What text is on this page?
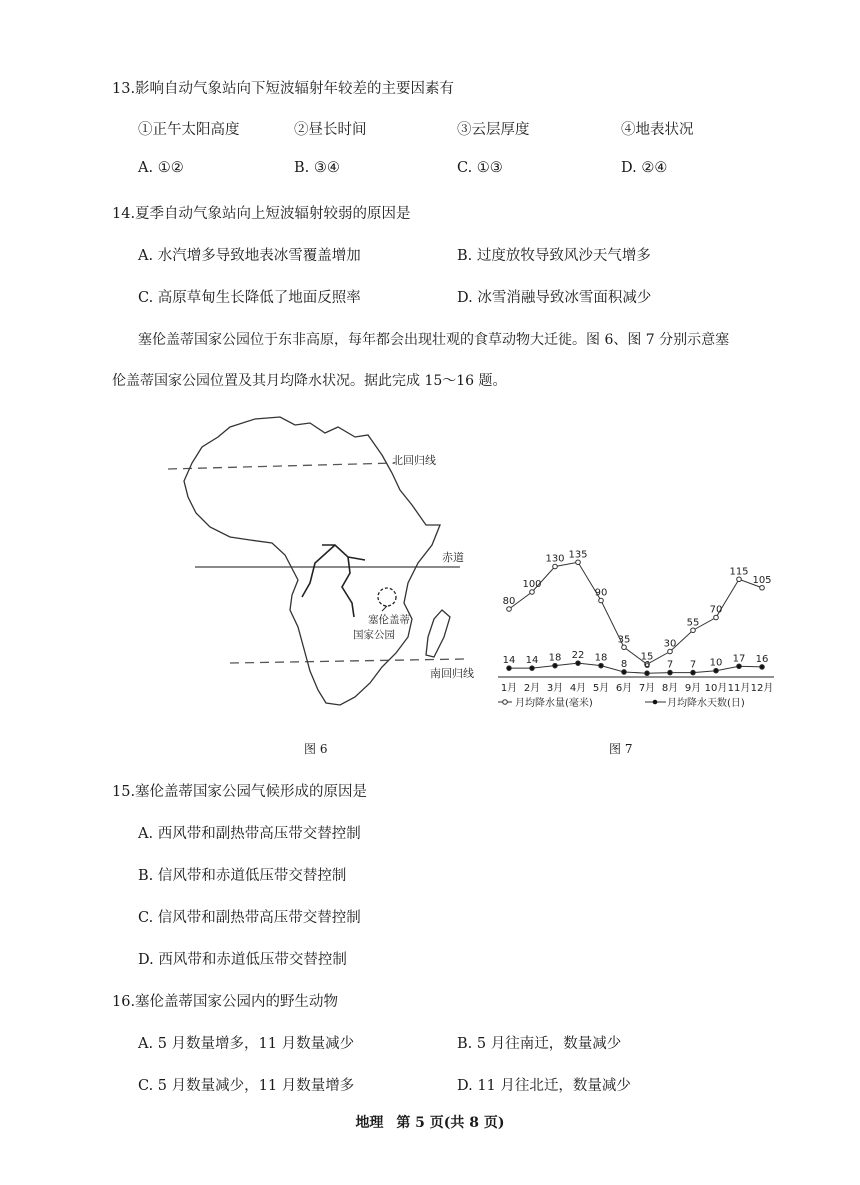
13.影响自动气象站向下短波辐射年较差的主要因素有
①正午太阳高度	②昼长时间	③云层厚度	④地表状况
A. ①②	B. ③④	C. ①③	D. ②④
14.夏季自动气象站向上短波辐射较弱的原因是
A. 水汽增多导致地表冰雪覆盖增加	B. 过度放牧导致风沙天气增多
C. 高原草甸生长降低了地面反照率	D. 冰雪消融导致冰雪面积减少
塞伦盖蒂国家公园位于东非高原，每年都会出现壮观的食草动物大迁徙。图 6、图 7 分别示意塞
伦盖蒂国家公园位置及其月均降水状况。据此完成 15～16 题。
北回归线
赤道
南回归线
塞伦盖蒂
国家公园
图 6
80
100
130 135
90
35
15
30
55
70
115
105
14 14 18 22 18
8 6 7 7 10 17 16
1月 2月 3月 4月 5月 6月 7月 8月 9月 10月 11月 12月
月均降水量(毫米)	月均降水天数(日)
图 7
15.塞伦盖蒂国家公园气候形成的原因是
A. 西风带和副热带高压带交替控制
B. 信风带和赤道低压带交替控制
C. 信风带和副热带高压带交替控制
D. 西风带和赤道低压带交替控制
16.塞伦盖蒂国家公园内的野生动物
A. 5 月数量增多，11 月数量减少	B. 5 月往南迁，数量减少
C. 5 月数量减少，11 月数量增多	D. 11 月往北迁，数量减少
地理 第 5 页(共 8 页)
